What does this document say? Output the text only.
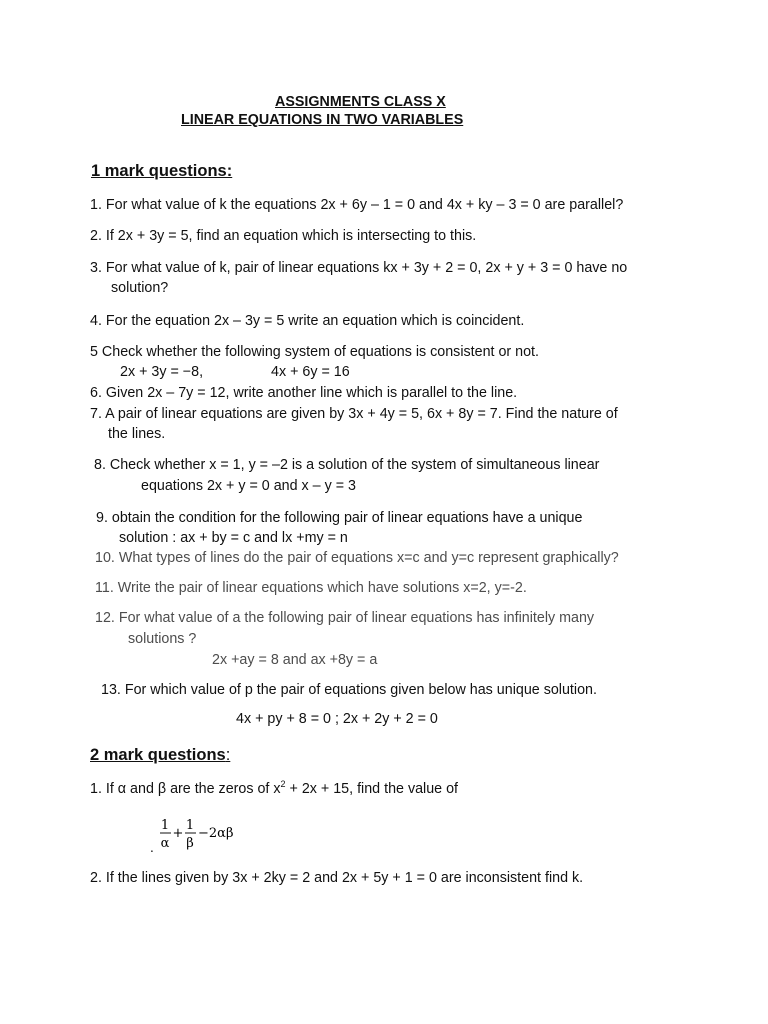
ASSIGNMENTS CLASS X
LINEAR EQUATIONS IN TWO VARIABLES
1 mark questions:
1. For what value of k the equations 2x + 6y – 1 = 0 and 4x + ky – 3 = 0 are parallel?
2. If 2x + 3y = 5, find an equation which is intersecting to this.
3. For what value of k, pair of linear equations kx + 3y + 2 = 0, 2x + y + 3 = 0 have no
solution?
4. For the equation 2x – 3y = 5 write an equation which is coincident.
5 Check whether the following system of equations is consistent or not.
2x + 3y = −8,	4x + 6y = 16
6. Given 2x – 7y = 12, write another line which is parallel to the line.
7. A pair of linear equations are given by 3x + 4y = 5, 6x + 8y = 7. Find the nature of
the lines.
8. Check whether x = 1, y = –2 is a solution of the system of simultaneous linear
equations 2x + y = 0 and x – y = 3
9. obtain the condition for the following pair of linear equations have a unique
solution : ax + by = c and lx +my = n
10. What types of lines do the pair of equations x=c and y=c represent graphically?
11. Write the pair of linear equations which have solutions x=2, y=-2.
12. For what value of a the following pair of linear equations has infinitely many
solutions ?
2x +ay = 8 and ax +8y = a
13. For which value of p the pair of equations given below has unique solution.
4x + py + 8 = 0 ; 2x + 2y + 2 = 0
2 mark questions:
1. If α and β are the zeros of $x^2 + 2x + 15$, find the value of
.
1
α
+
1
β
−2αβ
2. If the lines given by 3x + 2ky = 2 and 2x + 5y + 1 = 0 are inconsistent find k.
